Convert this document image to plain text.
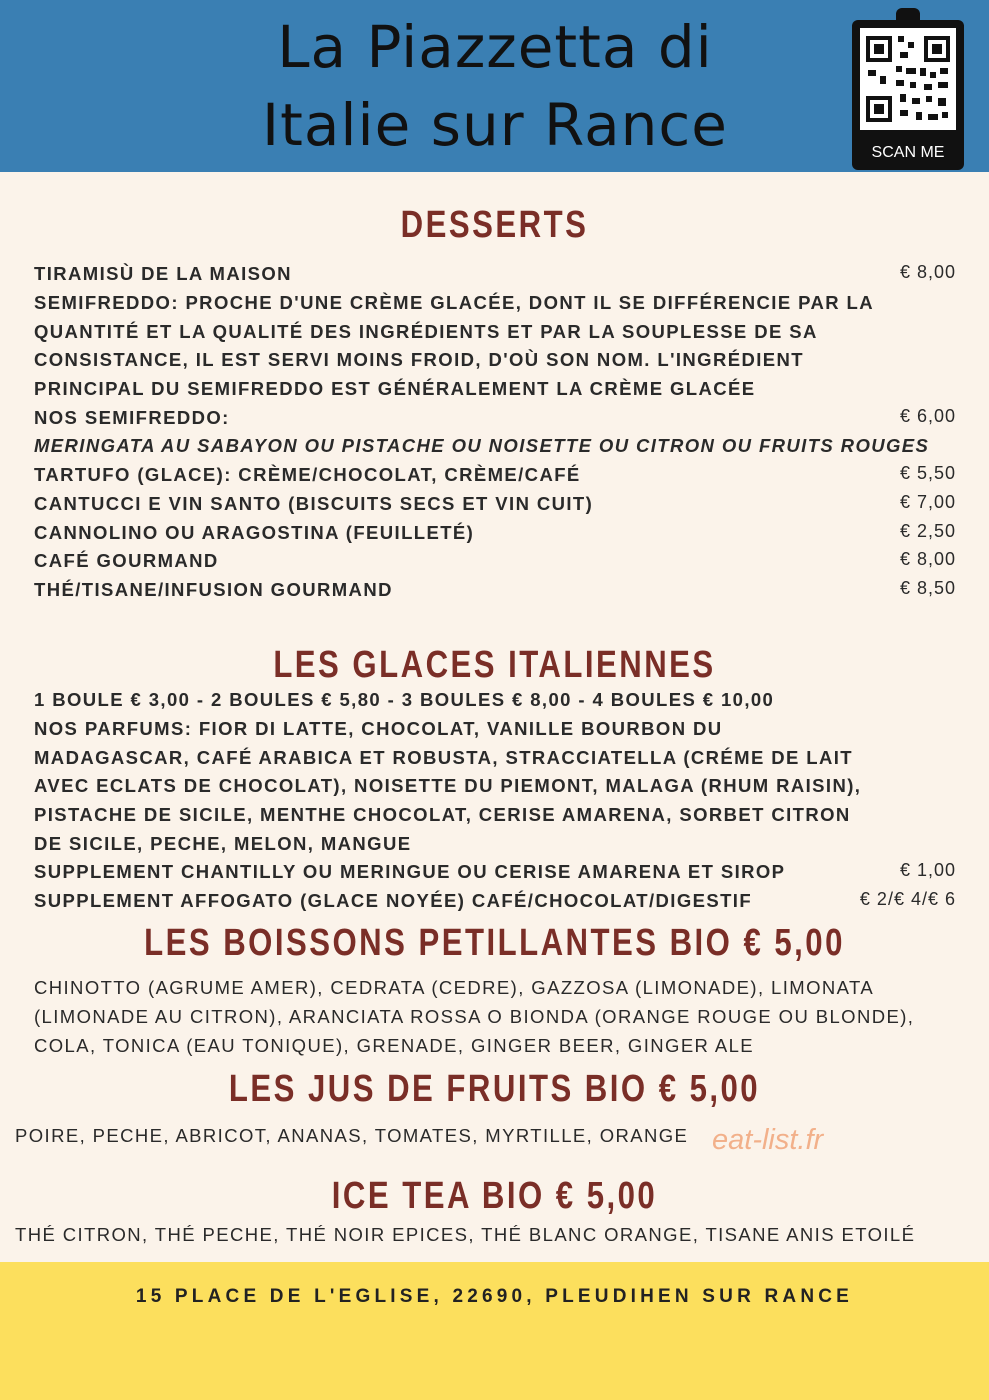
La Piazzetta di
Italie sur Rance	SCAN ME
DESSERTS
TIRAMISÙ DE LA MAISON	€ 8,00
SEMIFREDDO: PROCHE D'UNE CRÈME GLACÉE, DONT IL SE DIFFÉRENCIE PAR LA
QUANTITÉ ET LA QUALITÉ DES INGRÉDIENTS ET PAR LA SOUPLESSE DE SA
CONSISTANCE, IL EST SERVI MOINS FROID, D'OÙ SON NOM. L'INGRÉDIENT
PRINCIPAL DU SEMIFREDDO EST GÉNÉRALEMENT LA CRÈME GLACÉE
NOS SEMIFREDDO:	€ 6,00
MERINGATA AU SABAYON OU PISTACHE OU NOISETTE OU CITRON OU FRUITS ROUGES
TARTUFO (GLACE): CRÈME/CHOCOLAT, CRÈME/CAFÉ	€ 5,50
CANTUCCI E VIN SANTO (BISCUITS SECS ET VIN CUIT)	€ 7,00
CANNOLINO OU ARAGOSTINA (FEUILLETÉ)	€ 2,50
CAFÉ GOURMAND	€ 8,00
THÉ/TISANE/INFUSION GOURMAND	€ 8,50
LES GLACES ITALIENNES
1 BOULE € 3,00 - 2 BOULES € 5,80 - 3 BOULES € 8,00 - 4 BOULES € 10,00
NOS PARFUMS: FIOR DI LATTE, CHOCOLAT, VANILLE BOURBON DU
MADAGASCAR, CAFÉ ARABICA ET ROBUSTA, STRACCIATELLA (CRÉME DE LAIT
AVEC ECLATS DE CHOCOLAT), NOISETTE DU PIEMONT, MALAGA (RHUM RAISIN),
PISTACHE DE SICILE, MENTHE CHOCOLAT, CERISE AMARENA, SORBET CITRON
DE SICILE, PECHE, MELON, MANGUE
SUPPLEMENT CHANTILLY OU MERINGUE OU CERISE AMARENA ET SIROP	€ 1,00
SUPPLEMENT AFFOGATO (GLACE NOYÉE) CAFÉ/CHOCOLAT/DIGESTIF	€ 2/€ 4/€ 6
LES BOISSONS PETILLANTES BIO € 5,00
CHINOTTO (AGRUME AMER), CEDRATA (CEDRE), GAZZOSA (LIMONADE), LIMONATA
(LIMONADE AU CITRON), ARANCIATA ROSSA O BIONDA (ORANGE ROUGE OU BLONDE),
COLA, TONICA (EAU TONIQUE), GRENADE, GINGER BEER, GINGER ALE
LES JUS DE FRUITS BIO € 5,00
POIRE, PECHE, ABRICOT, ANANAS, TOMATES, MYRTILLE, ORANGE eat-list.fr
ICE TEA BIO € 5,00
THÉ CITRON, THÉ PECHE, THÉ NOIR EPICES, THÉ BLANC ORANGE, TISANE ANIS ETOILÉ
15 PLACE DE L'EGLISE, 22690, PLEUDIHEN SUR RANCE
